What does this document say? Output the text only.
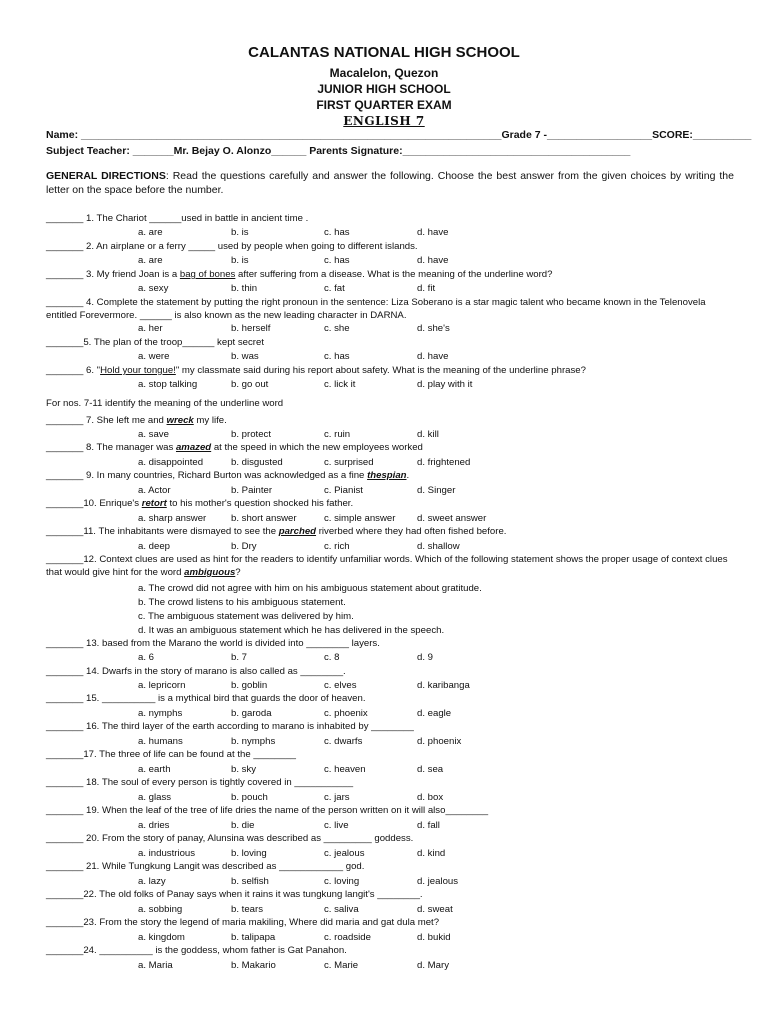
CALANTAS NATIONAL HIGH SCHOOL
Macalelon, Quezon
JUNIOR HIGH SCHOOL
FIRST QUARTER EXAM
ENGLISH 7
Name: ________________________________________________________________________Grade 7 -__________________SCORE:__________
Subject Teacher: _______Mr. Bejay O. Alonzo______ Parents Signature:_______________________________________
GENERAL DIRECTIONS: Read the questions carefully and answer the following. Choose the best answer from the given choices by writing the letter on the space before the number.
_______ 1. The Chariot ______used in battle in ancient time .
a. are	b. is	c. has	d. have
_______ 2. An airplane or a ferry _____ used by people when going to different islands.
a. are	b. is	c. has	d. have
_______ 3. My friend Joan is a bag of bones after suffering from a disease. What is the meaning of the underline word?
a. sexy	b. thin	c. fat	d. fit
_______ 4. Complete the statement by putting the right pronoun in the sentence: Liza Soberano is a star magic talent who became known in the Telenovela entitled Forevermore. ______ is also known as the new leading character in DARNA.
a. her	b. herself	c. she	d. she's
_______5. The plan of the troop______ kept secret
a. were	b. was	c. has	d. have
_______ 6. "Hold your tongue!" my classmate said during his report about safety. What is the meaning of the underline phrase?
a. stop talking	b. go out	c. lick it	d. play with it
For nos. 7-11 identify the meaning of the underline word
_______ 7. She left me and wreck my life.
a. save	b. protect	c. ruin	d. kill
_______ 8. The manager was amazed at the speed in which the new employees worked
a. disappointed	b. disgusted	c. surprised	d. frightened
_______ 9. In many countries, Richard Burton was acknowledged as a fine thespian.
a. Actor	b. Painter	c. Pianist	d. Singer
_______10. Enrique's retort to his mother's question shocked his father.
a. sharp answer	b. short answer	c. simple answer d. sweet answer
_______11. The inhabitants were dismayed to see the parched riverbed where they had often fished before.
a. deep	b. Dry	c. rich	d. shallow
_______12. Context clues are used as hint for the readers to identify unfamiliar words. Which of the following statement shows the proper usage of context clues that would give hint for the word ambiguous?
a. The crowd did not agree with him on his ambiguous statement about gratitude.
b. The crowd listens to his ambiguous statement.
c. The ambiguous statement was delivered by him.
d. It was an ambiguous statement which he has delivered in the speech.
_______ 13. based from the Marano the world is divided into ________ layers.
a. 6	b. 7	c. 8	d. 9
_______ 14. Dwarfs in the story of marano is also called as ________.
a. lepricorn	b. goblin	c. elves	d. karibanga
_______ 15. __________ is a mythical bird that guards the door of heaven.
a. nymphs	b. garoda	c. phoenix	d. eagle
_______ 16. The third layer of the earth according to marano is inhabited by ________
a. humans	b. nymphs	c. dwarfs	d. phoenix
_______17. The three of life can be found at the ________
a. earth	b. sky	c. heaven	d. sea
_______ 18. The soul of every person is tightly covered in ___________
a. glass	b. pouch	c. jars	d. box
_______ 19. When the leaf of the tree of life dries the name of the person written on it will also________
a. dries	b. die	c. live	d. fall
_______ 20. From the story of panay, Alunsina was described as _________ goddess.
a. industrious	b. loving	c. jealous	d. kind
_______ 21. While Tungkung Langit was described as ____________ god.
a. lazy	b. selfish	c. loving	d. jealous
_______22. The old folks of Panay says when it rains it was tungkung langit's ________.
a. sobbing	b. tears	c. saliva	d. sweat
_______23. From the story the legend of maria makiling, Where did maria and gat dula met?
a. kingdom	b. talipapa	c. roadside	d. bukid
_______24. __________ is the goddess, whom father is Gat Panahon.
a. Maria	b. Makario	c. Marie	d. Mary
